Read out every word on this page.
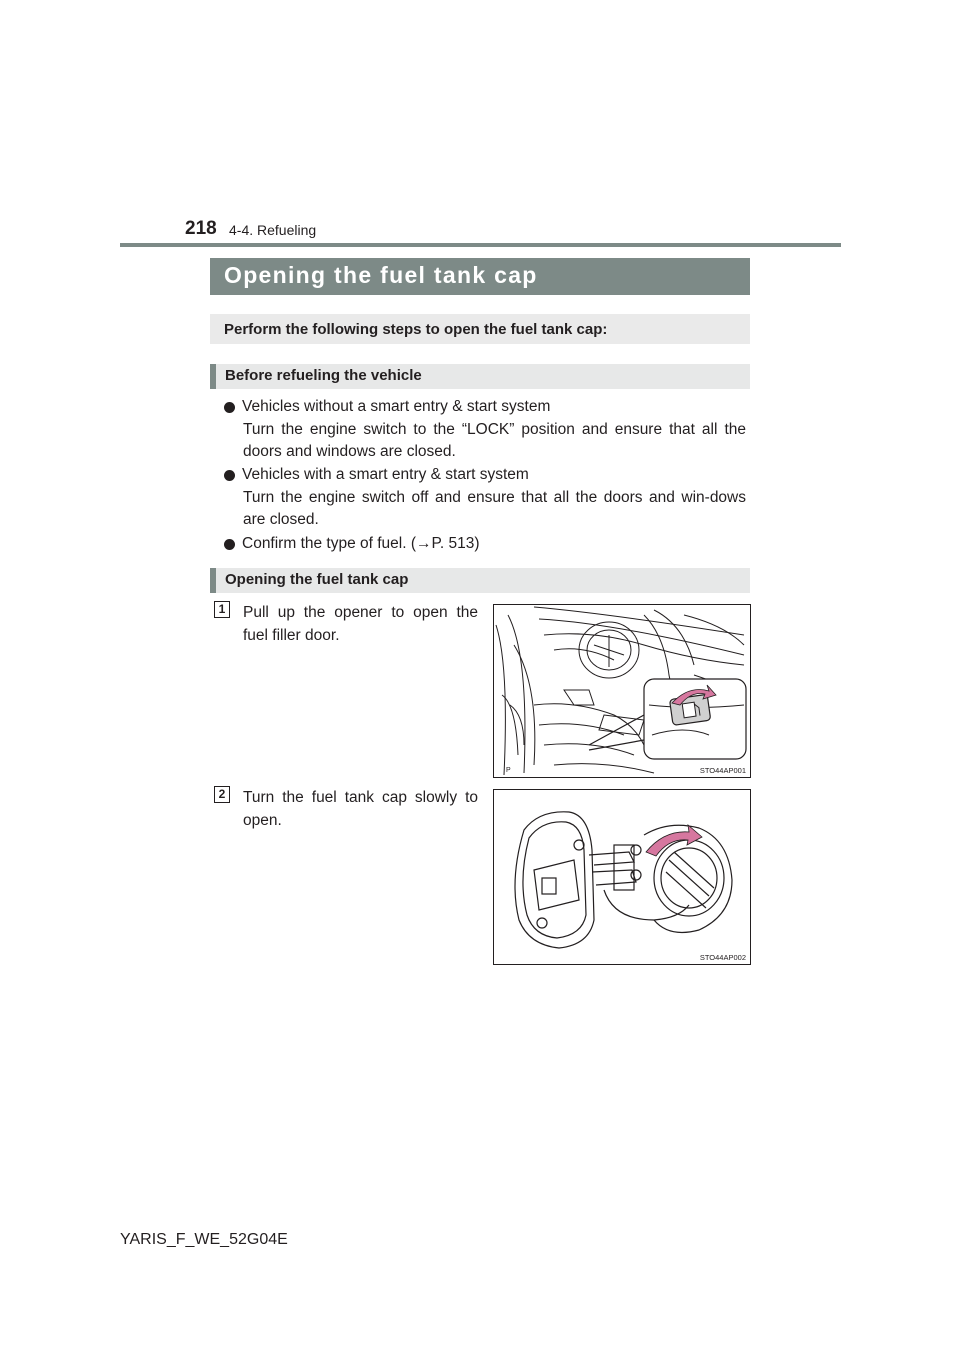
218 4-4. Refueling
Opening the fuel tank cap
Perform the following steps to open the fuel tank cap:
Before refueling the vehicle
Vehicles without a smart entry & start system
Turn the engine switch to the “LOCK” position and ensure that all the doors and windows are closed.
Vehicles with a smart entry & start system
Turn the engine switch off and ensure that all the doors and win-dows are closed.
Confirm the type of fuel. (→P. 513)
Opening the fuel tank cap
1	Pull up the opener to open the fuel filler door.
P	STO44AP001
2	Turn the fuel tank cap slowly to open.
STO44AP002
YARIS_F_WE_52G04E
